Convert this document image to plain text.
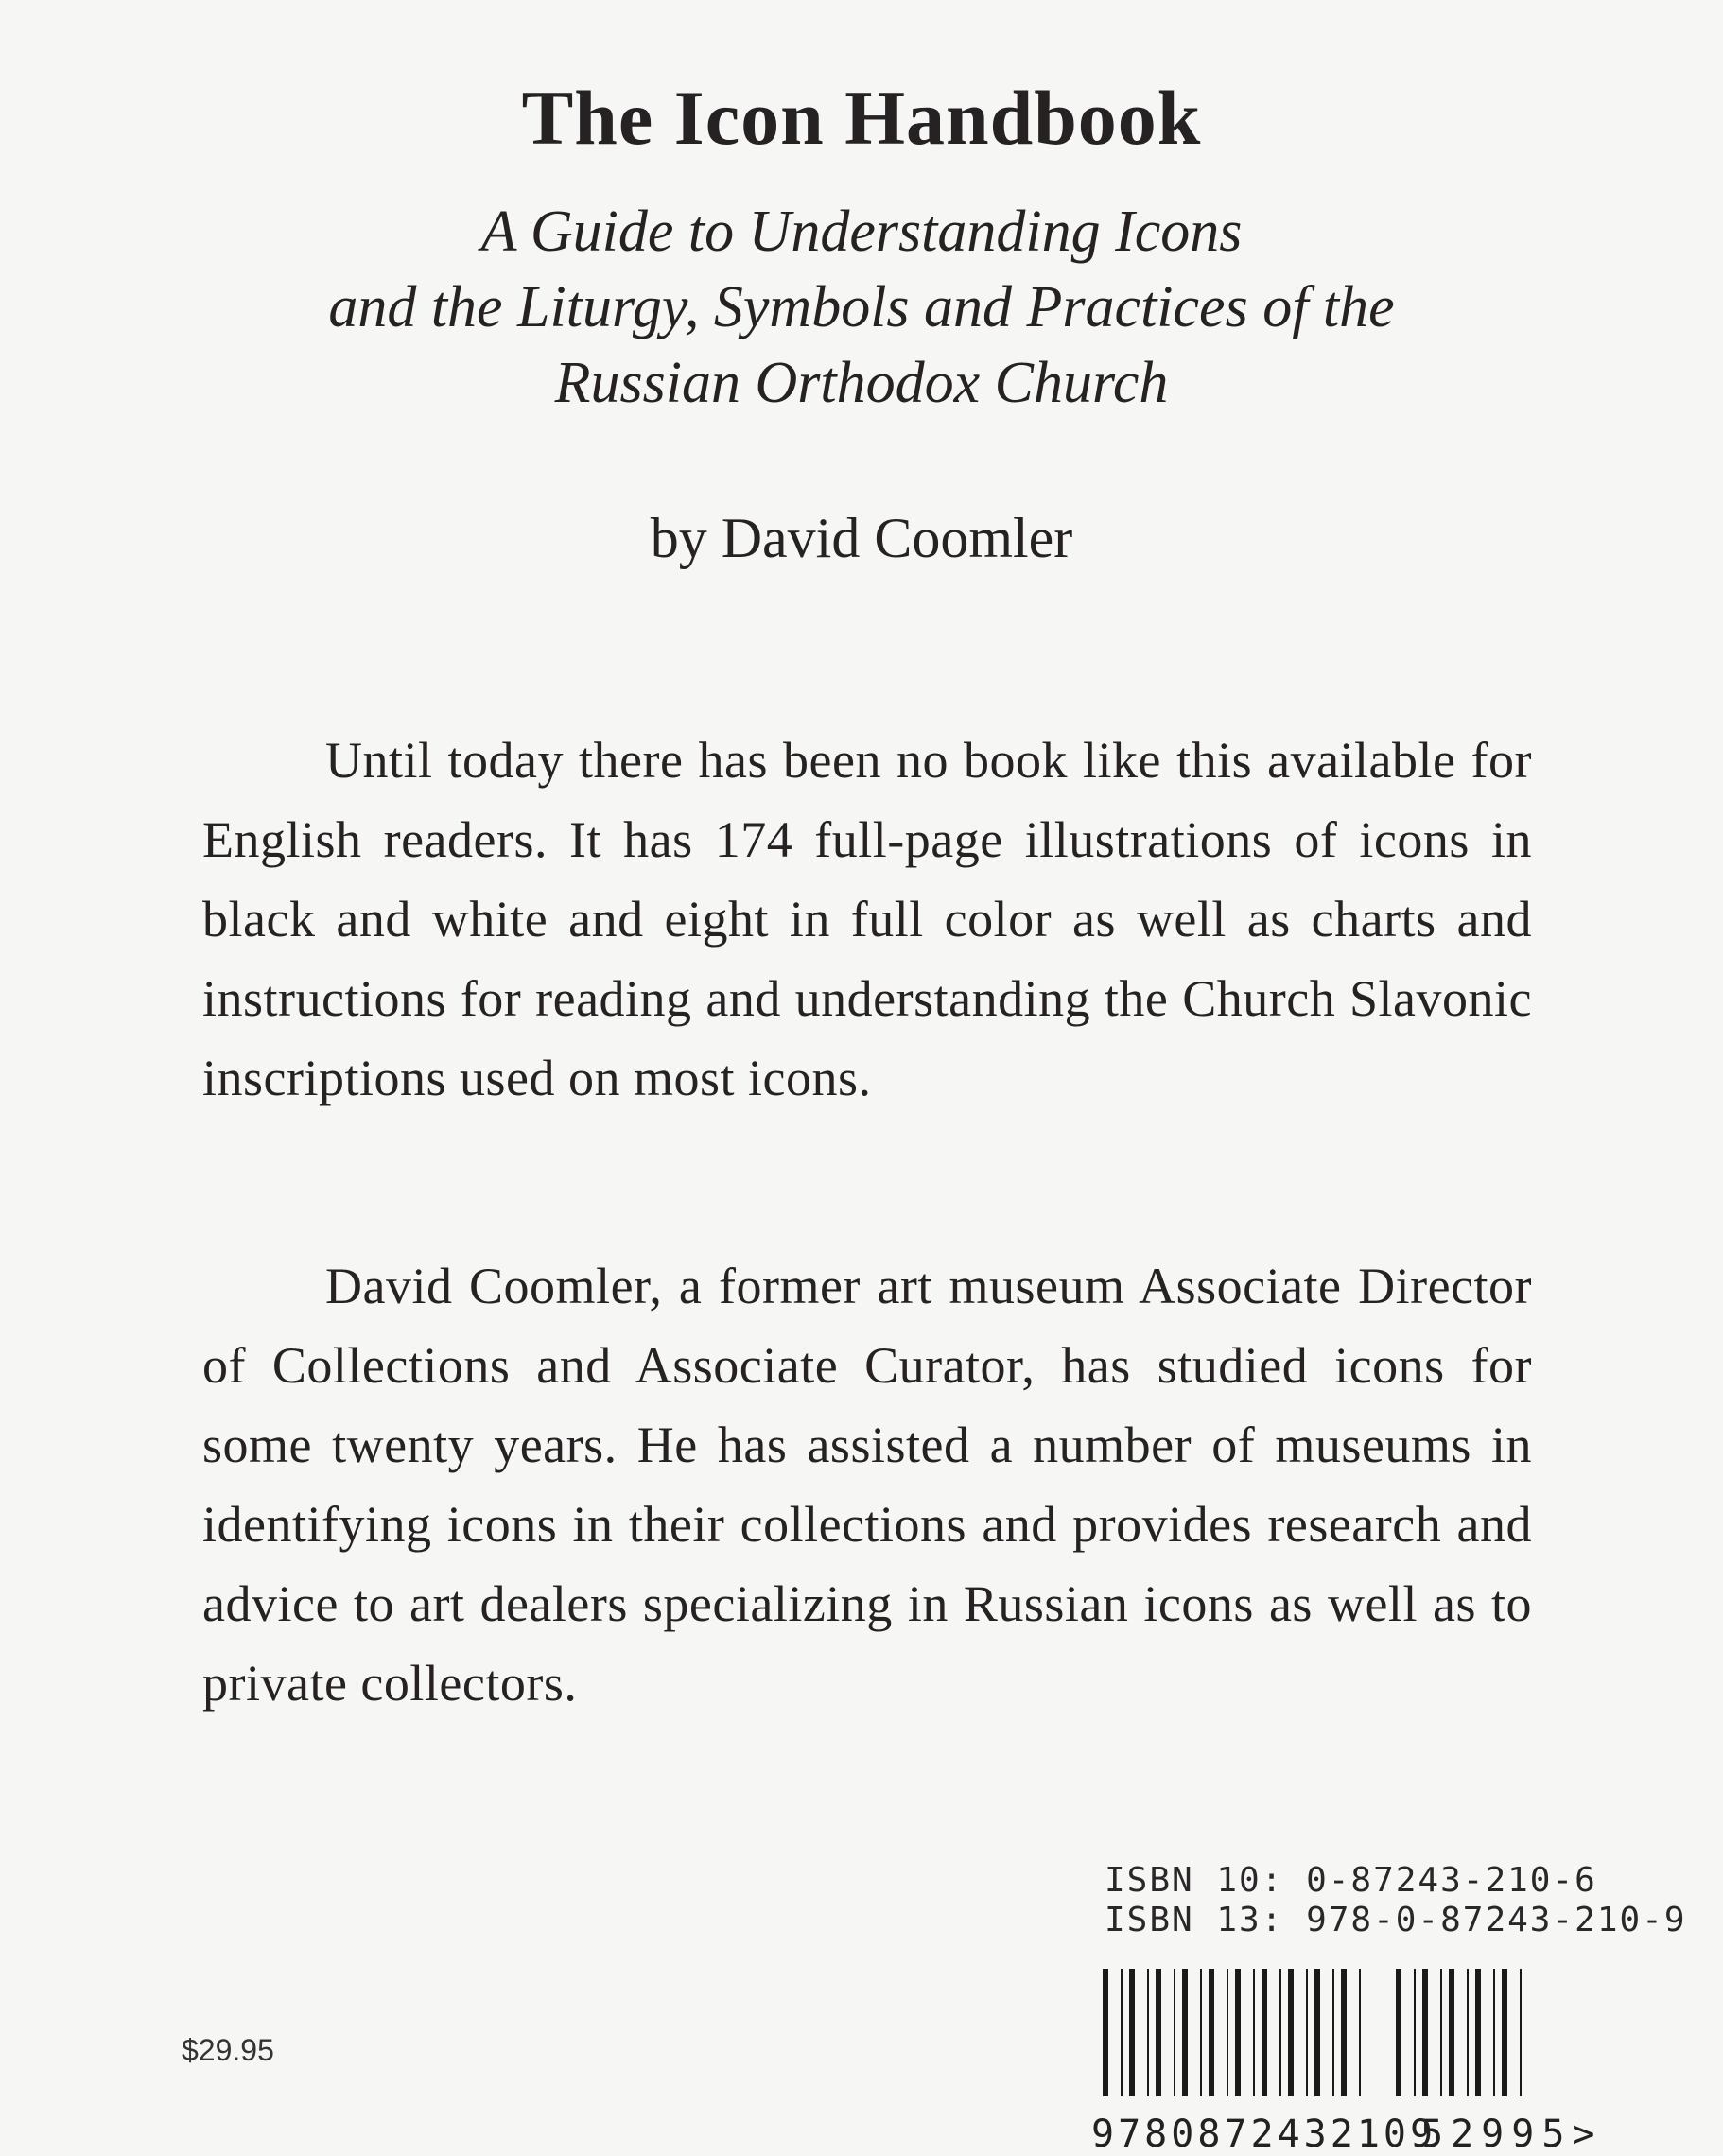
The Icon Handbook
A Guide to Understanding Icons
and the Liturgy, Symbols and Practices of the
Russian Orthodox Church
by David Coomler
Until today there has been no book like this available for English readers. It has 174 full-page illustrations of icons in black and white and eight in full color as well as charts and instructions for reading and understanding the Church Slavonic inscriptions used on most icons.
David Coomler, a former art museum Associate Director of Collections and Associate Curator, has studied icons for some twenty years. He has assisted a number of museums in identifying icons in their collections and provides research and advice to art dealers specializing in Russian icons as well as to private collectors.
ISBN 10: 0-87243-210-6
ISBN 13: 978-0-87243-210-9
9780872432109
52995>
$29.95
